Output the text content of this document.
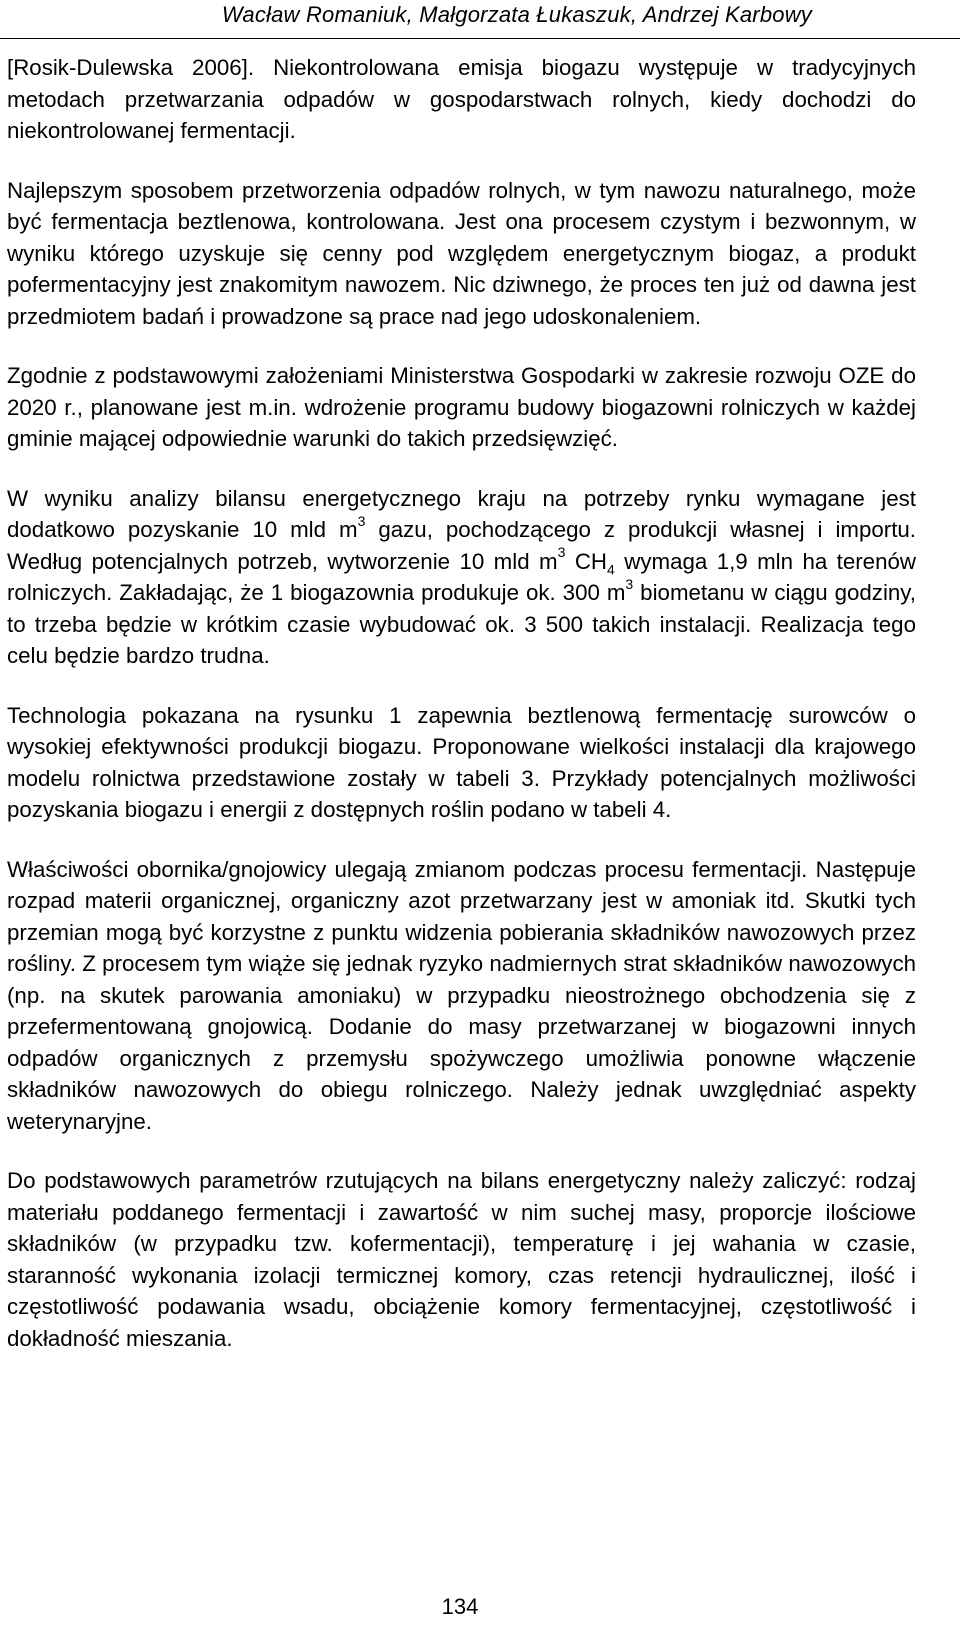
Wacław Romaniuk, Małgorzata Łukaszuk, Andrzej Karbowy

[Rosik-Dulewska 2006]. Niekontrolowana emisja biogazu występuje w tradycyjnych metodach przetwarzania odpadów w gospodarstwach rolnych, kiedy dochodzi do niekontrolowanej fermentacji.

Najlepszym sposobem przetworzenia odpadów rolnych, w tym nawozu naturalnego, może być fermentacja beztlenowa, kontrolowana. Jest ona procesem czystym i bezwonnym, w wyniku którego uzyskuje się cenny pod względem energetycznym biogaz, a produkt pofermentacyjny jest znakomitym nawozem. Nic dziwnego, że proces ten już od dawna jest przedmiotem badań i prowadzone są prace nad jego udoskonaleniem.

Zgodnie z podstawowymi założeniami Ministerstwa Gospodarki w zakresie rozwoju OZE do 2020 r., planowane jest m.in. wdrożenie programu budowy biogazowni rolniczych w każdej gminie mającej odpowiednie warunki do takich przedsięwzięć.

W wyniku analizy bilansu energetycznego kraju na potrzeby rynku wymagane jest dodatkowo pozyskanie 10 mld $m^3$ gazu, pochodzącego z produkcji własnej i importu. Według potencjalnych potrzeb, wytworzenie 10 mld $m^3$ $CH_4$ wymaga 1,9 mln ha terenów rolniczych. Zakładając, że 1 biogazownia produkuje ok. 300 $m^3$ biometanu w ciągu godziny, to trzeba będzie w krótkim czasie wybudować ok. 3 500 takich instalacji. Realizacja tego celu będzie bardzo trudna.

Technologia pokazana na rysunku 1 zapewnia beztlenową fermentację surowców o wysokiej efektywności produkcji biogazu. Proponowane wielkości instalacji dla krajowego modelu rolnictwa przedstawione zostały w tabeli 3. Przykłady potencjalnych możliwości pozyskania biogazu i energii z dostępnych roślin podano w tabeli 4.

Właściwości obornika/gnojowicy ulegają zmianom podczas procesu fermentacji. Następuje rozpad materii organicznej, organiczny azot przetwarzany jest w amoniak itd. Skutki tych przemian mogą być korzystne z punktu widzenia pobierania składników nawozowych przez rośliny. Z procesem tym wiąże się jednak ryzyko nadmiernych strat składników nawozowych (np. na skutek parowania amoniaku) w przypadku nieostrożnego obchodzenia się z przefermentowaną gnojowicą. Dodanie do masy przetwarzanej w biogazowni innych odpadów organicznych z przemysłu spożywczego umożliwia ponowne włączenie składników nawozowych do obiegu rolniczego. Należy jednak uwzględniać aspekty weterynaryjne.

Do podstawowych parametrów rzutujących na bilans energetyczny należy zaliczyć: rodzaj materiału poddanego fermentacji i zawartość w nim suchej masy, proporcje ilościowe składników (w przypadku tzw. kofermentacji), temperaturę i jej wahania w czasie, staranność wykonania izolacji termicznej komory, czas retencji hydraulicznej, ilość i częstotliwość podawania wsadu, obciążenie komory fermentacyjnej, częstotliwość i dokładność mieszania.

134
